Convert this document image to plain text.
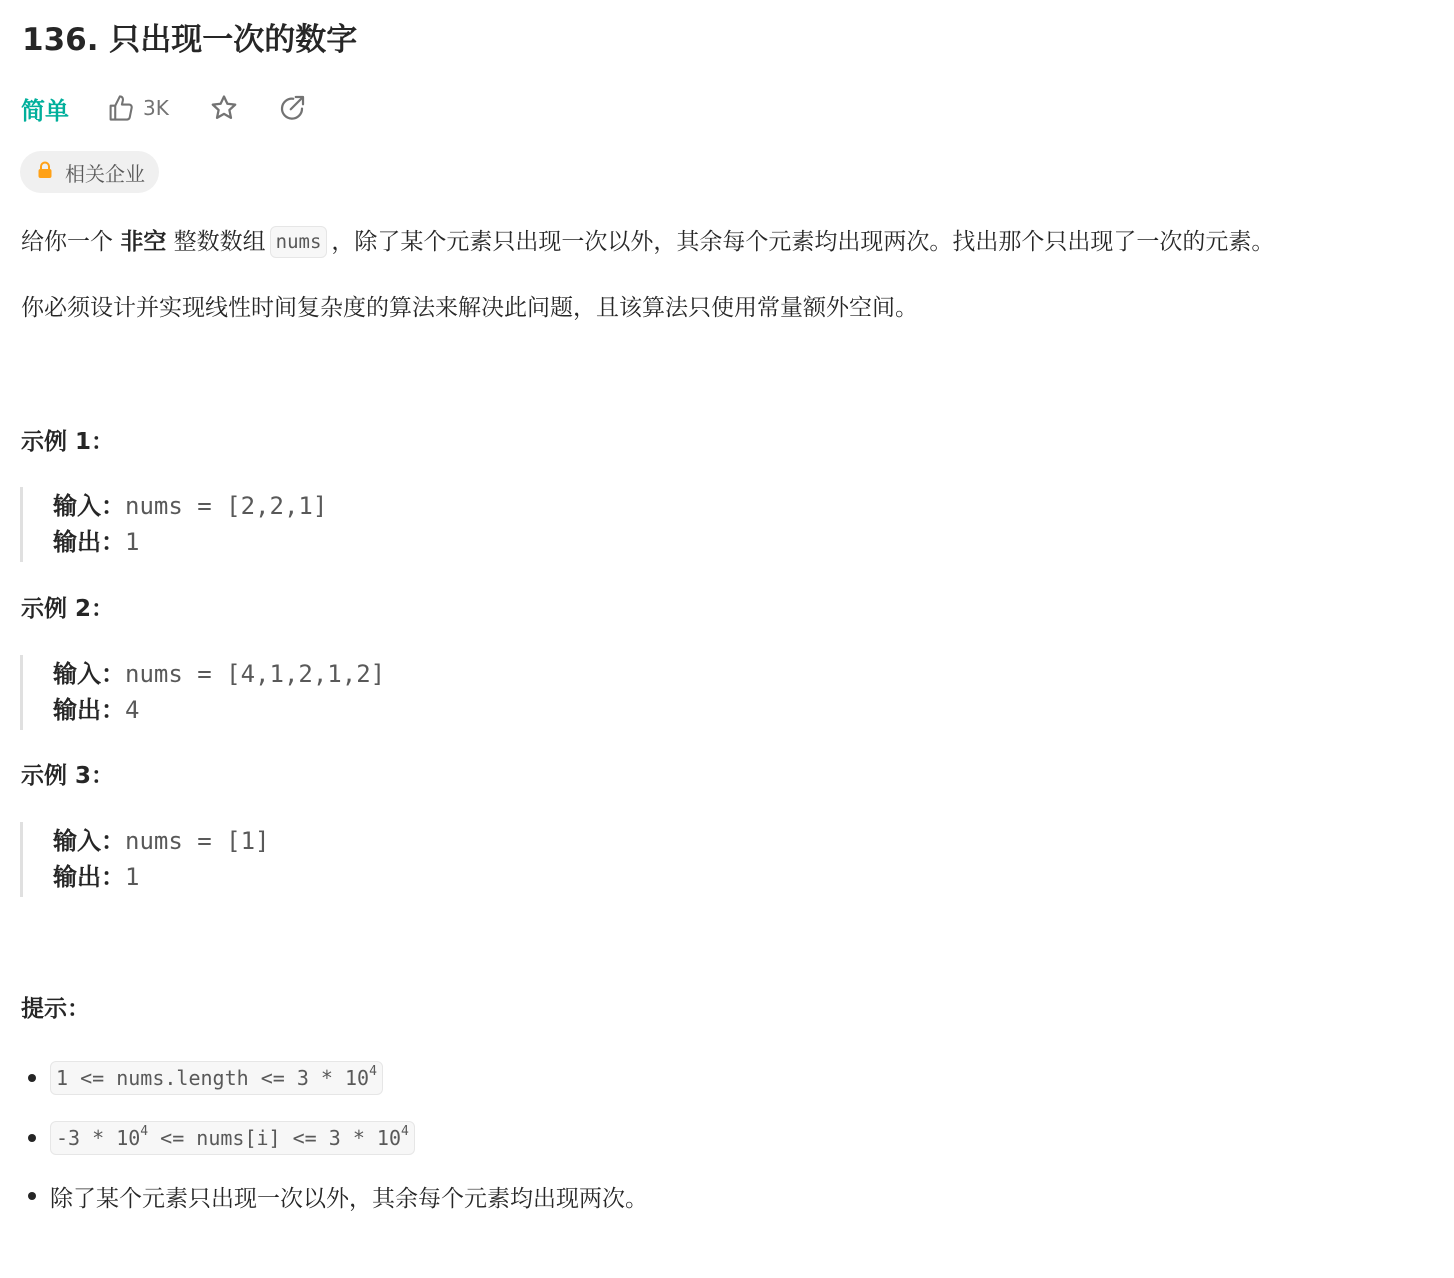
136. 只出现一次的数字
简单	3K
相关企业
给你一个 非空 整数数组 nums ，除了某个元素只出现一次以外，其余每个元素均出现两次。找出那个只出现了一次的元素。
你必须设计并实现线性时间复杂度的算法来解决此问题，且该算法只使用常量额外空间。
示例 1：
输入：nums = [2,2,1]
输出：1
示例 2：
输入：nums = [4,1,2,1,2]
输出：4
示例 3：
输入：nums = [1]
输出：1
提示：
1 <= nums.length <= $3 * 10^4$
$-3 * 10^4$ <= nums[i] <= $3 * 10^4$
除了某个元素只出现一次以外，其余每个元素均出现两次。
